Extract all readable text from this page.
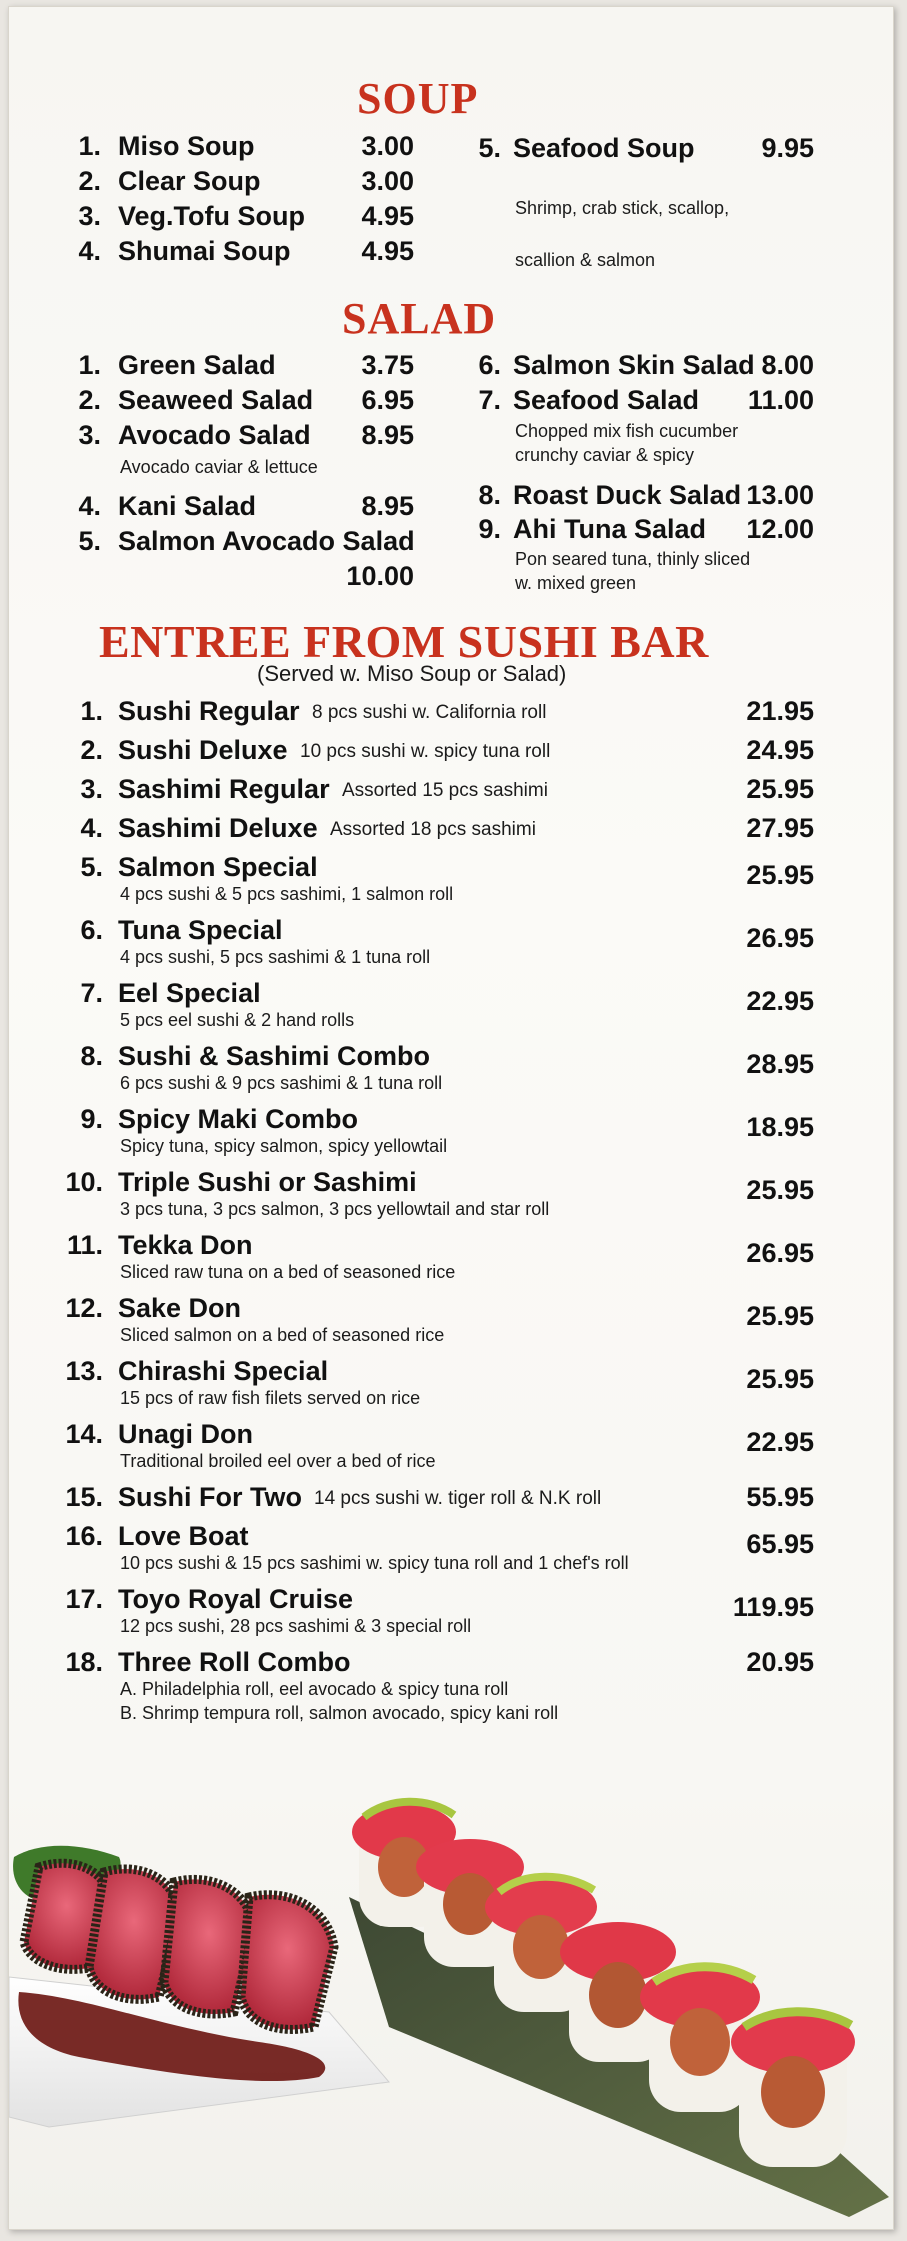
SOUP
1. Miso Soup	3.00
2. Clear Soup	3.00
3. Veg.Tofu Soup	4.95
4. Shumai Soup	4.95
5. Seafood Soup	9.95
Shrimp, crab stick, scallop,
scallion & salmon
SALAD
1. Green Salad	3.75
2. Seaweed Salad	6.95
3. Avocado Salad	8.95
Avocado caviar & lettuce
4. Kani Salad	8.95
5. Salmon Avocado Salad
10.00
6. Salmon Skin Salad 8.00
7. Seafood Salad	11.00
Chopped mix fish cucumber
crunchy caviar & spicy
8. Roast Duck Salad 13.00
9. Ahi Tuna Salad	12.00
Pon seared tuna, thinly sliced
w. mixed green
ENTREE FROM SUSHI BAR
(Served w. Miso Soup or Salad)
1. Sushi Regular 8 pcs sushi w. California roll	21.95
2. Sushi Deluxe 10 pcs sushi w. spicy tuna roll	24.95
3. Sashimi Regular Assorted 15 pcs sashimi	25.95
4. Sashimi Deluxe Assorted 18 pcs sashimi	27.95
5. Salmon Special
4 pcs sushi & 5 pcs sashimi, 1 salmon roll
25.95
6. Tuna Special
4 pcs sushi, 5 pcs sashimi & 1 tuna roll
26.95
7. Eel Special
5 pcs eel sushi & 2 hand rolls
22.95
8. Sushi & Sashimi Combo
6 pcs sushi & 9 pcs sashimi & 1 tuna roll
28.95
9. Spicy Maki Combo
Spicy tuna, spicy salmon, spicy yellowtail
18.95
10. Triple Sushi or Sashimi
3 pcs tuna, 3 pcs salmon, 3 pcs yellowtail and star roll
25.95
11. Tekka Don
Sliced raw tuna on a bed of seasoned rice
26.95
12. Sake Don
Sliced salmon on a bed of seasoned rice
25.95
13. Chirashi Special
15 pcs of raw fish filets served on rice
25.95
14. Unagi Don
Traditional broiled eel over a bed of rice
22.95
15. Sushi For Two 14 pcs sushi w. tiger roll & N.K roll	55.95
16. Love Boat
10 pcs sushi & 15 pcs sashimi w. spicy tuna roll and 1 chef's roll
65.95
17. Toyo Royal Cruise
12 pcs sushi, 28 pcs sashimi & 3 special roll
119.95
18. Three Roll Combo
A. Philadelphia roll, eel avocado & spicy tuna roll
B. Shrimp tempura roll, salmon avocado, spicy kani roll
20.95
